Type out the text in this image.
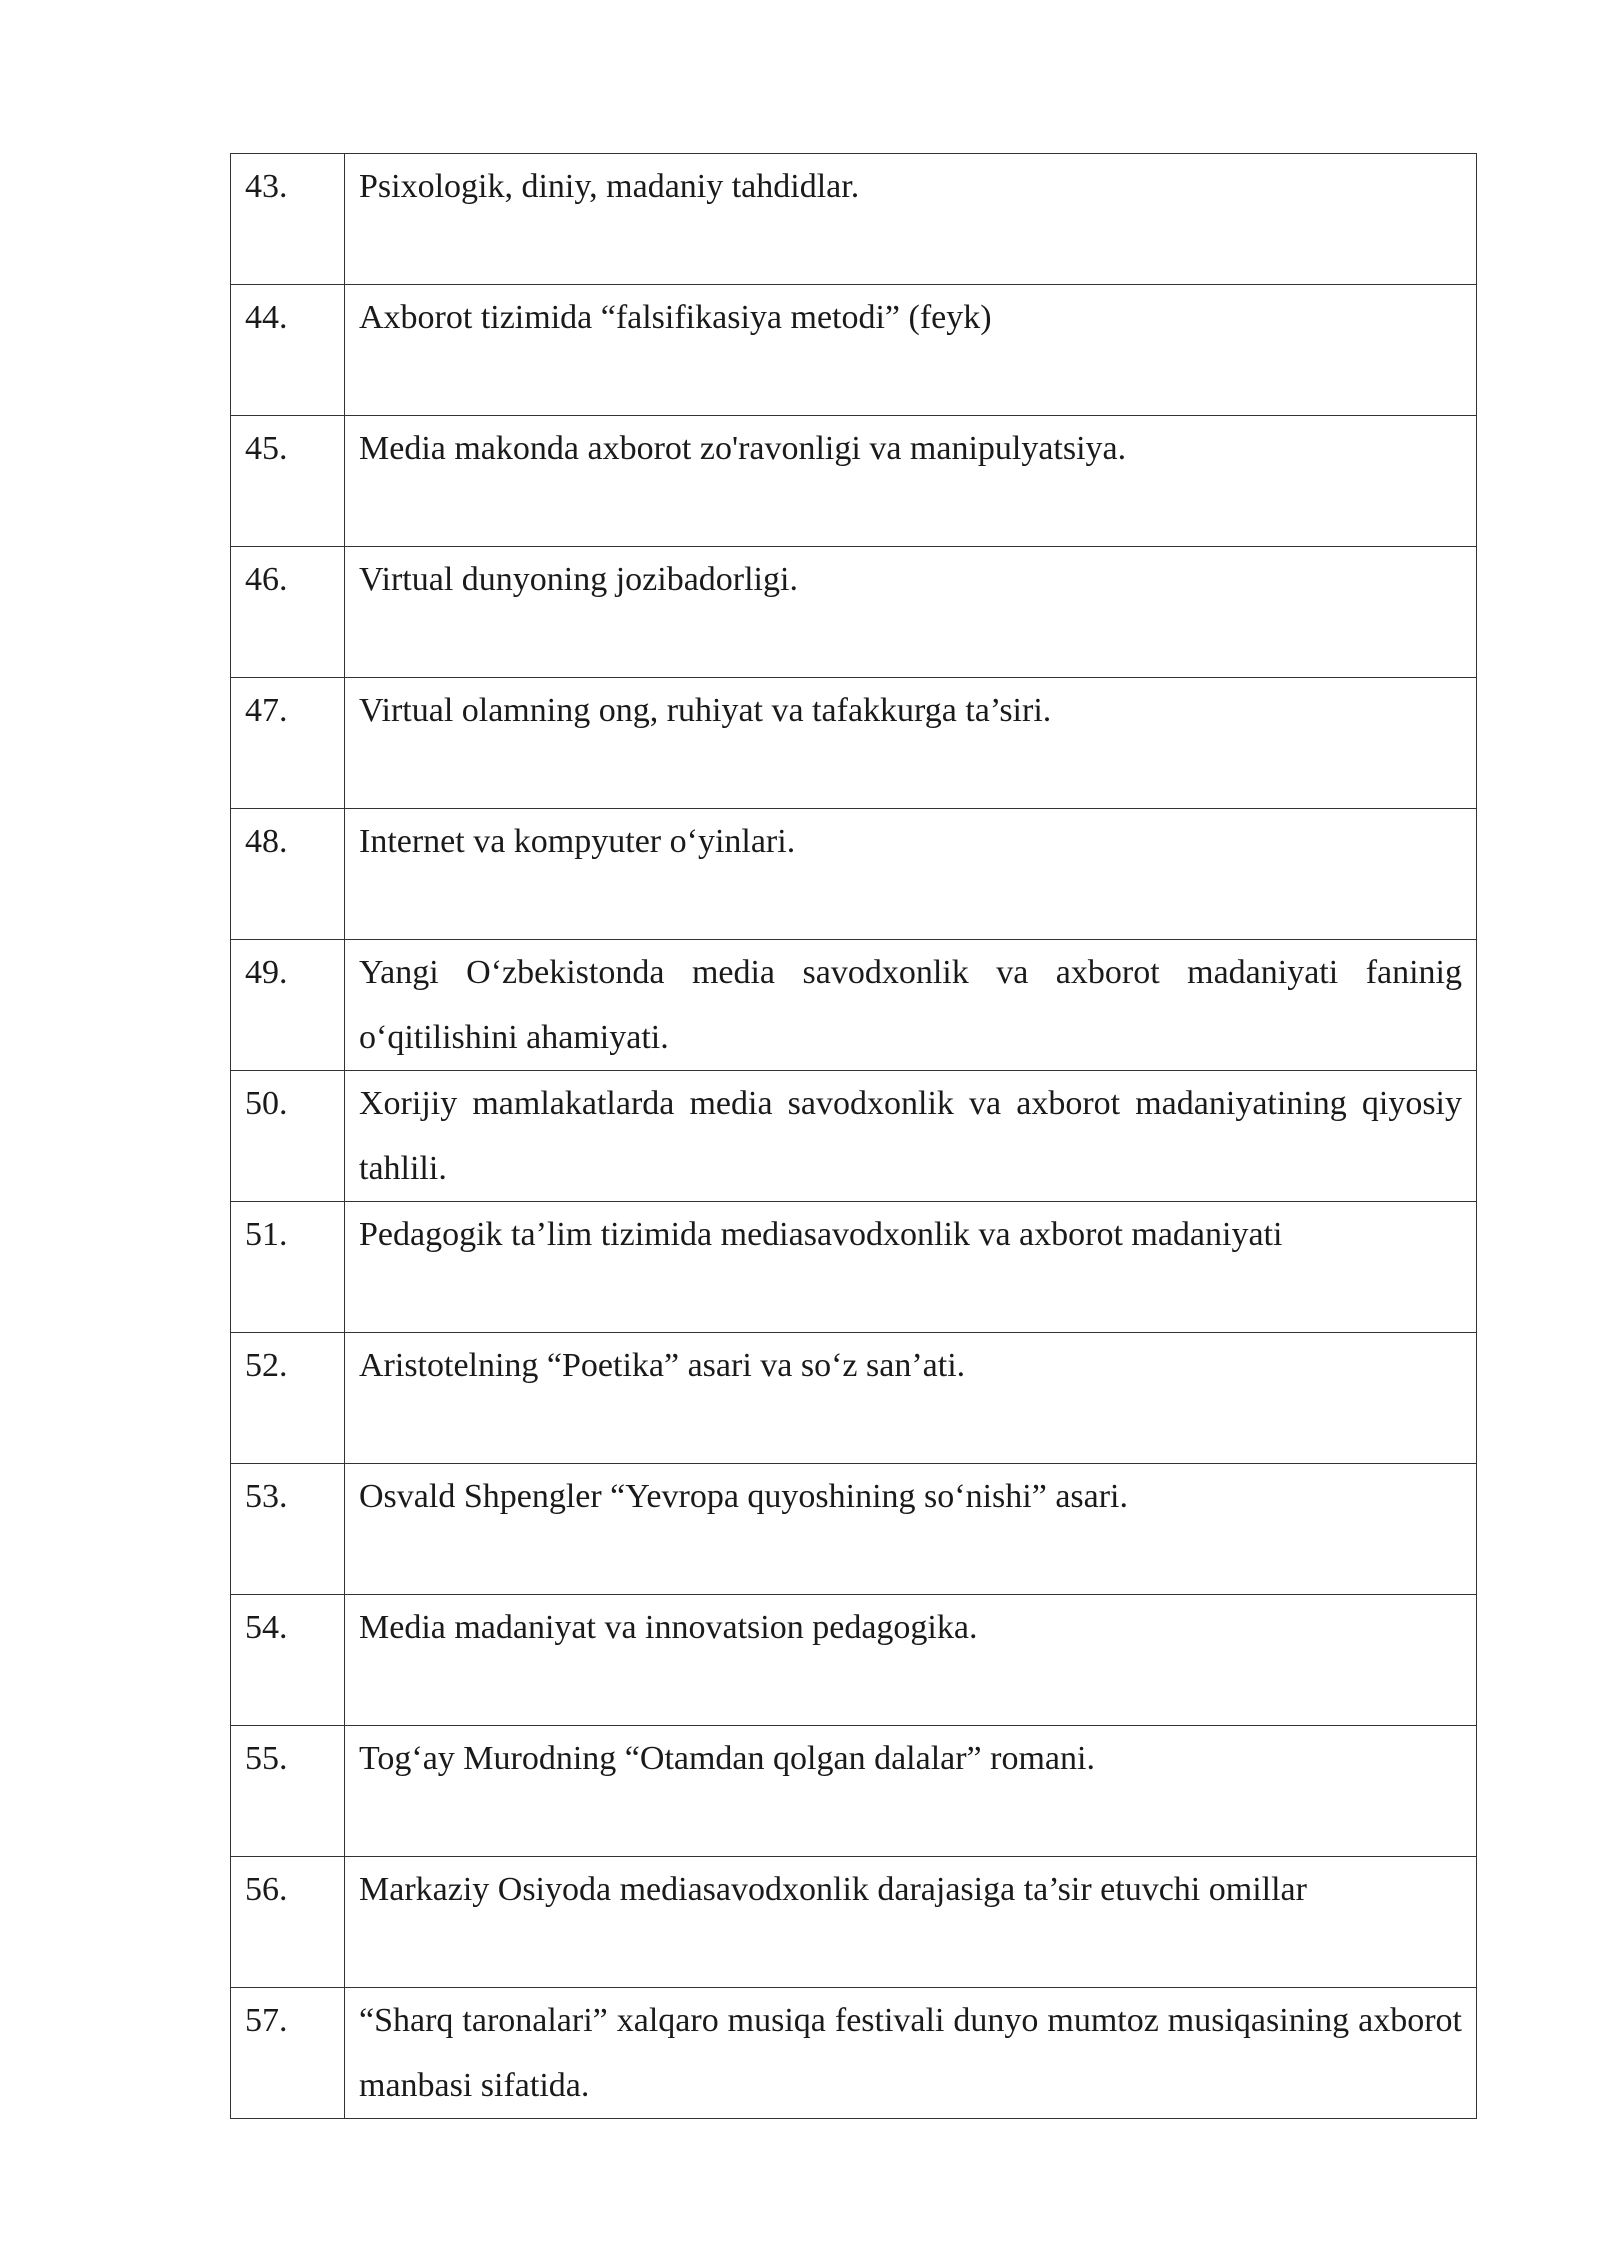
43.	Psixologik, diniy, madaniy tahdidlar.
44.	Axborot tizimida “falsifikasiya metodi” (feyk)
45.	Media makonda axborot zo'ravonligi va manipulyatsiya.
46.	Virtual dunyoning jozibadorligi.
47.	Virtual olamning ong, ruhiyat va tafakkurga ta’siri.
48.	Internet va kompyuter o‘yinlari.
49.	Yangi O‘zbekistonda media savodxonlik va axborot madaniyati faninig o‘qitilishini ahamiyati.
50.	Xorijiy mamlakatlarda media savodxonlik va axborot madaniyatining qiyosiy tahlili.
51.	Pedagogik ta’lim tizimida mediasavodxonlik va axborot madaniyati
52.	Aristotelning “Poetika” asari va so‘z san’ati.
53.	Osvald Shpengler “Yevropa quyoshining so‘nishi” asari.
54.	Media madaniyat va innovatsion pedagogika.
55.	Tog‘ay Murodning “Otamdan qolgan dalalar” romani.
56.	Markaziy Osiyoda mediasavodxonlik darajasiga ta’sir etuvchi omillar
57.	“Sharq taronalari” xalqaro musiqa festivali dunyo mumtoz musiqasining axborot manbasi sifatida.
